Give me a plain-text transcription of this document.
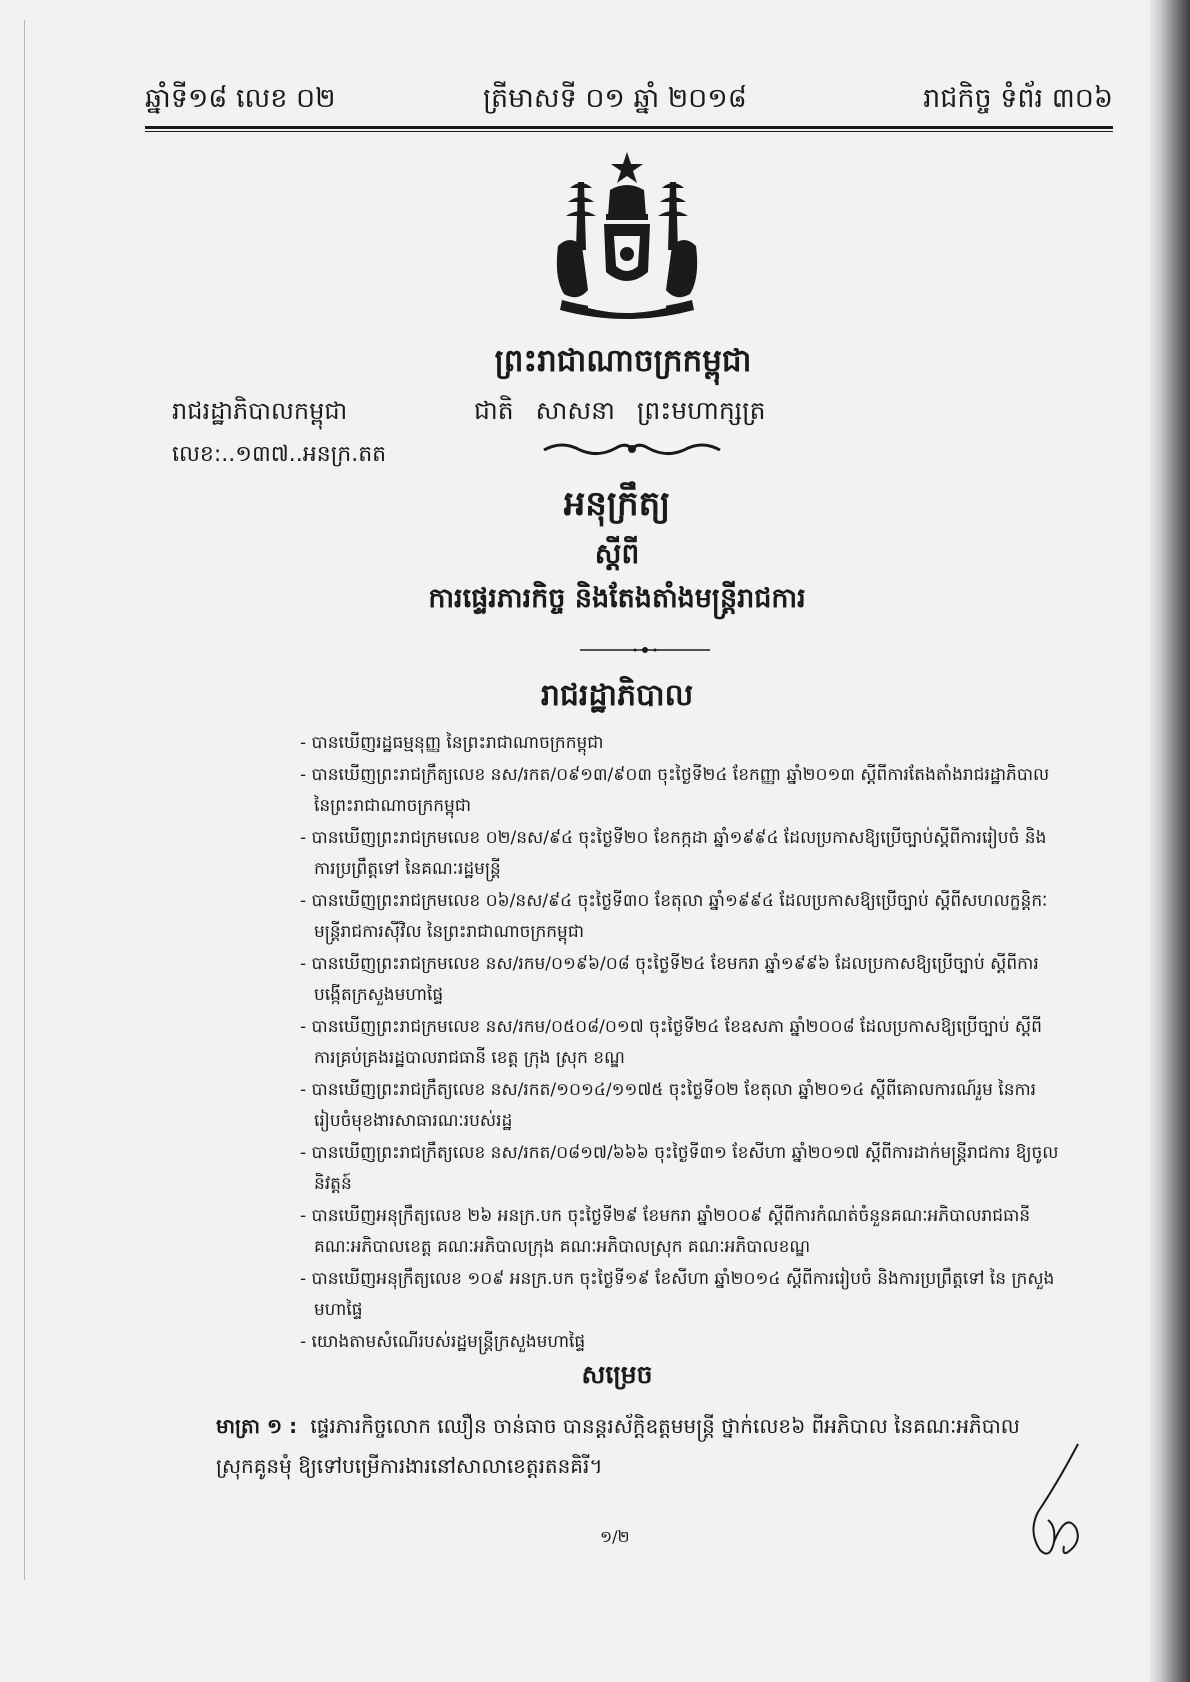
ឆ្នាំទី១៨ លេខ ០២	ត្រីមាសទី ០១ ឆ្នាំ ២០១៨	រាជកិច្ច ទំព័រ ៣០៦
ព្រះរាជាណាចក្រកម្ពុជា
រាជរដ្ឋាភិបាលកម្ពុជា	ជាតិ សាសនា ព្រះមហាក្សត្រ
លេខ:..១៣៧..អនក្រ.តត
អនុក្រឹត្យ
ស្តីពី
ការផ្ទេរភារកិច្ច និងតែងតាំងមន្ត្រីរាជការ
រាជរដ្ឋាភិបាល
- បានឃើញរដ្ឋធម្មនុញ្ញ នៃព្រះរាជាណាចក្រកម្ពុជា
- បានឃើញព្រះរាជក្រឹត្យលេខ នស/រកត/០៩១៣/៩០៣ ចុះថ្ងៃទី២៤ ខែកញ្ញា ឆ្នាំ២០១៣ ស្តីពីការតែងតាំងរាជរដ្ឋាភិបាល នៃព្រះរាជាណាចក្រកម្ពុជា
- បានឃើញព្រះរាជក្រមលេខ ០២/នស/៩៤ ចុះថ្ងៃទី២០ ខែកក្កដា ឆ្នាំ១៩៩៤ ដែលប្រកាសឱ្យប្រើច្បាប់ស្តីពីការរៀបចំ និងការប្រព្រឹត្តទៅ នៃគណៈរដ្ឋមន្ត្រី
- បានឃើញព្រះរាជក្រមលេខ ០៦/នស/៩៤ ចុះថ្ងៃទី៣០ ខែតុលា ឆ្នាំ១៩៩៤ ដែលប្រកាសឱ្យប្រើច្បាប់ ស្តីពីសហលក្ខន្តិកៈ មន្ត្រីរាជការស៊ីវិល នៃព្រះរាជាណាចក្រកម្ពុជា
- បានឃើញព្រះរាជក្រមលេខ នស/រកម/០១៩៦/០៨ ចុះថ្ងៃទី២៤ ខែមករា ឆ្នាំ១៩៩៦ ដែលប្រកាសឱ្យប្រើច្បាប់ ស្តីពីការបង្កើតក្រសួងមហាផ្ទៃ
- បានឃើញព្រះរាជក្រមលេខ នស/រកម/០៥០៨/០១៧ ចុះថ្ងៃទី២៤ ខែឧសភា ឆ្នាំ២០០៨ ដែលប្រកាសឱ្យប្រើច្បាប់ ស្តីពីការគ្រប់គ្រងរដ្ឋបាលរាជធានី ខេត្ត ក្រុង ស្រុក ខណ្ឌ
- បានឃើញព្រះរាជក្រឹត្យលេខ នស/រកត/១០១៤/១១៧៥ ចុះថ្ងៃទី០២ ខែតុលា ឆ្នាំ២០១៤ ស្តីពីគោលការណ៍រួម នៃការ រៀបចំមុខងារសាធារណៈរបស់រដ្ឋ
- បានឃើញព្រះរាជក្រឹត្យលេខ នស/រកត/០៨១៧/៦៦៦ ចុះថ្ងៃទី៣១ ខែសីហា ឆ្នាំ២០១៧ ស្តីពីការដាក់មន្ត្រីរាជការ ឱ្យចូលនិវត្តន៍
- បានឃើញអនុក្រឹត្យលេខ ២៦ អនក្រ.បក ចុះថ្ងៃទី២៩ ខែមករា ឆ្នាំ២០០៩ ស្តីពីការកំណត់ចំនួនគណៈអភិបាលរាជធានី គណៈអភិបាលខេត្ត គណៈអភិបាលក្រុង គណៈអភិបាលស្រុក គណៈអភិបាលខណ្ឌ
- បានឃើញអនុក្រឹត្យលេខ ១០៩ អនក្រ.បក ចុះថ្ងៃទី១៩ ខែសីហា ឆ្នាំ២០១៤ ស្តីពីការរៀបចំ និងការប្រព្រឹត្តទៅ នៃ ក្រសួងមហាផ្ទៃ
- យោងតាមសំណើរបស់រដ្ឋមន្ត្រីក្រសួងមហាផ្ទៃ
សម្រេច
មាត្រា ១ : ផ្ទេរភារកិច្ចលោក ឈឿន ចាន់ធាច បានន្តរស័ក្តិឧត្តមមន្ត្រី ថ្នាក់លេខ៦ ពីអភិបាល នៃគណៈអភិបាល ស្រុកគូនមុំ ឱ្យទៅបម្រើការងារនៅសាលាខេត្តរតនគិរី។
១/២
